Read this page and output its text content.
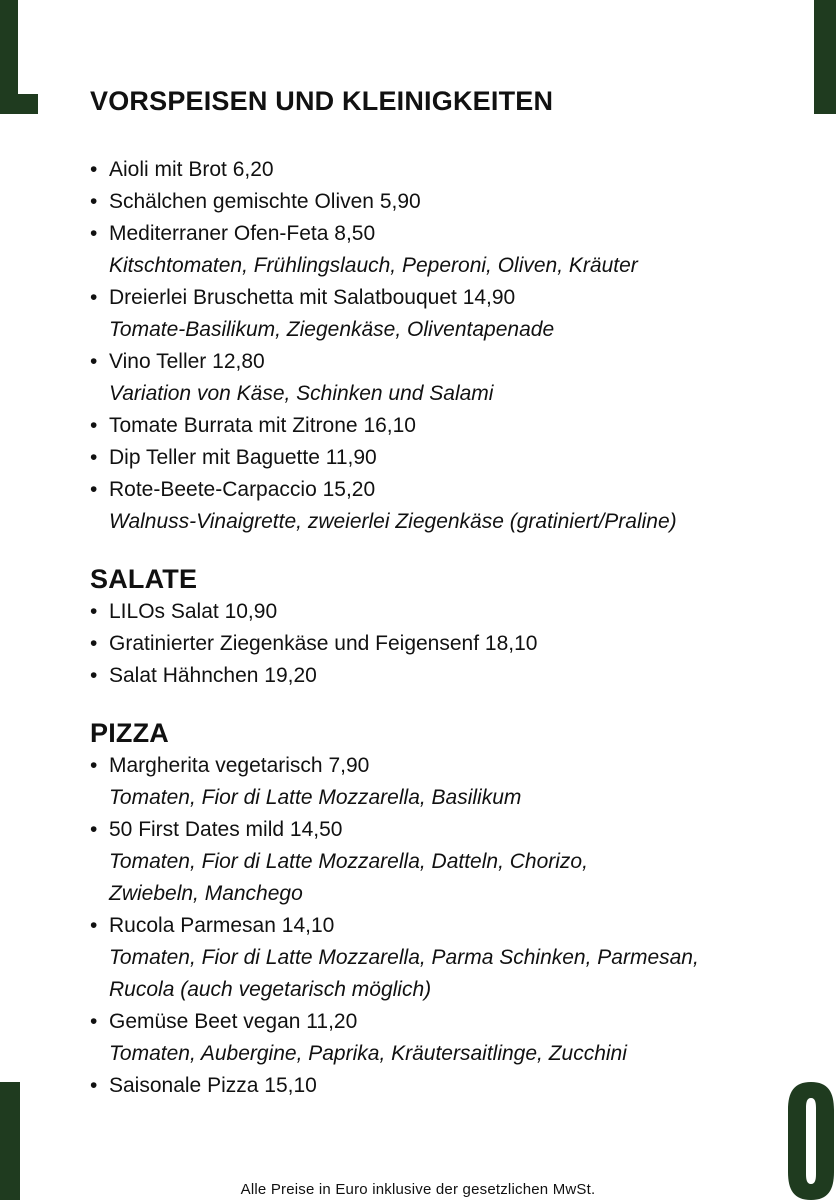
VORSPEISEN UND KLEINIGKEITEN
• Aioli mit Brot 6,20
• Schälchen gemischte Oliven 5,90
• Mediterraner Ofen-Feta 8,50
Kitschtomaten, Frühlingslauch, Peperoni, Oliven, Kräuter
• Dreierlei Bruschetta mit Salatbouquet 14,90
Tomate-Basilikum, Ziegenkäse, Oliventapenade
• Vino Teller 12,80
Variation von Käse, Schinken und Salami
• Tomate Burrata mit Zitrone 16,10
• Dip Teller mit Baguette 11,90
• Rote-Beete-Carpaccio 15,20
Walnuss-Vinaigrette, zweierlei Ziegenkäse (gratiniert/Praline)
SALATE
• LILOs Salat 10,90
• Gratinierter Ziegenkäse und Feigensenf 18,10
• Salat Hähnchen 19,20
PIZZA
• Margherita vegetarisch 7,90
Tomaten, Fior di Latte Mozzarella, Basilikum
• 50 First Dates mild 14,50
Tomaten, Fior di Latte Mozzarella, Datteln, Chorizo,
Zwiebeln, Manchego
• Rucola Parmesan 14,10
Tomaten, Fior di Latte Mozzarella, Parma Schinken, Parmesan,
Rucola (auch vegetarisch möglich)
• Gemüse Beet vegan 11,20
Tomaten, Aubergine, Paprika, Kräutersaitlinge, Zucchini
• Saisonale Pizza 15,10
Alle Preise in Euro inklusive der gesetzlichen MwSt.
